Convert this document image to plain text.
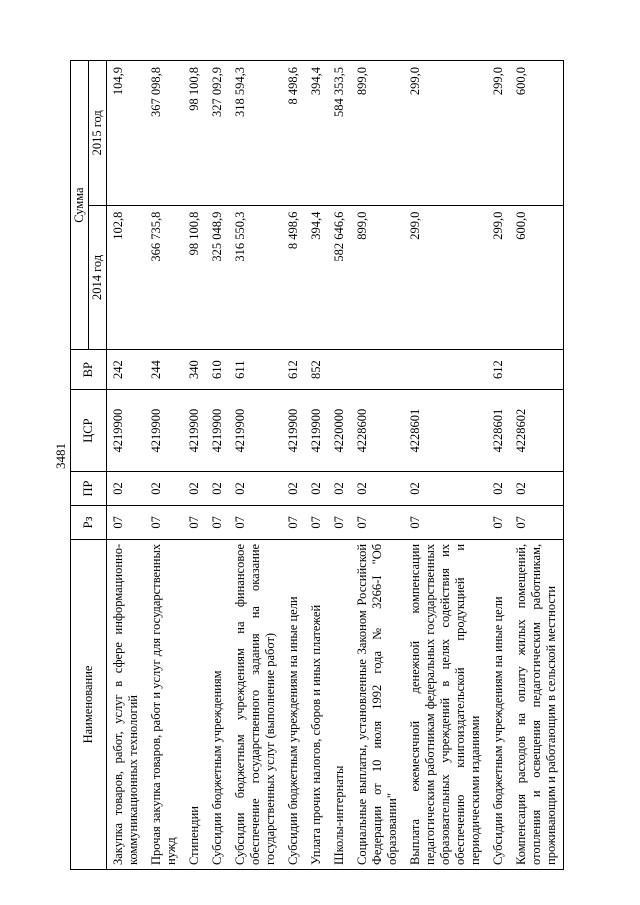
3481
Наименование	Рз	ПР	ЦСР	ВР	Сумма	
					2014 год	2015 год
Закупка товаров, работ, услуг в сфере информационно-коммуникационных технологий	07	02	4219900	242	102,8	104,9
Прочая закупка товаров, работ и услуг для государственных нужд	07	02	4219900	244	366 735,8	367 098,8
Стипендии	07	02	4219900	340	98 100,8	98 100,8
Субсидии бюджетным учреждениям	07	02	4219900	610	325 048,9	327 092,9
Субсидии бюджетным учреждениям на финансовое обеспечение государственного задания на оказание государственных услуг (выполнение работ)	07	02	4219900	611	316 550,3	318 594,3
Субсидии бюджетным учреждениям на иные цели	07	02	4219900	612	8 498,6	8 498,6
Уплата прочих налогов, сборов и иных платежей	07	02	4219900	852	394,4	394,4
Школы-интернаты	07	02	4220000		582 646,6	584 353,5
Социальные выплаты, установленные Законом Российской Федерации от 10 июля 1992 года № 3266-I "Об образовании"	07	02	4228600		899,0	899,0
Выплата ежемесячной денежной компенсации педагогическим работникам федеральных государственных образовательных учреждений в целях содействия их обеспечению книгоиздательской продукцией и периодическими изданиями	07	02	4228601		299,0	299,0
Субсидии бюджетным учреждениям на иные цели	07	02	4228601	612	299,0	299,0
Компенсация расходов на оплату жилых помещений, отопления и освещения педагогическим работникам, проживающим и работающим в сельской местности	07	02	4228602		600,0	600,0
